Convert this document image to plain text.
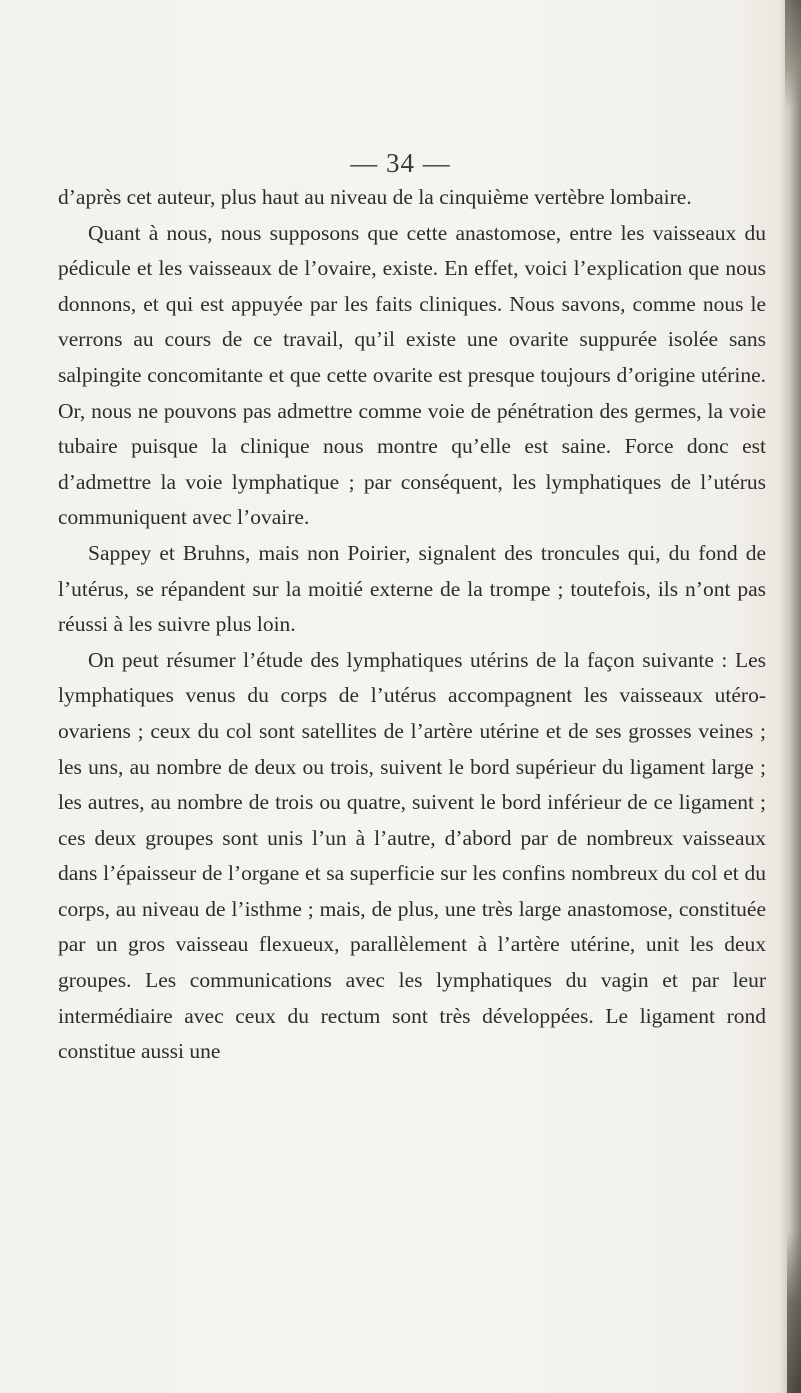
— 34 —

d’après cet auteur, plus haut au niveau de la cinquième vertèbre lombaire.

Quant à nous, nous supposons que cette anastomose, entre les vaisseaux du pédicule et les vaisseaux de l’ovaire, existe. En effet, voici l’explication que nous donnons, et qui est appuyée par les faits cliniques. Nous savons, comme nous le verrons au cours de ce travail, qu’il existe une ovarite suppurée isolée sans salpingite concomitante et que cette ovarite est presque toujours d’origine utérine. Or, nous ne pouvons pas admettre comme voie de pénétration des germes, la voie tubaire puisque la clinique nous montre qu’elle est saine. Force donc est d’admettre la voie lymphatique ; par conséquent, les lymphatiques de l’utérus communiquent avec l’ovaire.

Sappey et Bruhns, mais non Poirier, signalent des troncules qui, du fond de l’utérus, se répandent sur la moitié externe de la trompe ; toutefois, ils n’ont pas réussi à les suivre plus loin.

On peut résumer l’étude des lymphatiques utérins de la façon suivante : Les lymphatiques venus du corps de l’utérus accompagnent les vaisseaux utéro-ovariens ; ceux du col sont satellites de l’artère utérine et de ses grosses veines ; les uns, au nombre de deux ou trois, suivent le bord supérieur du ligament large ; les autres, au nombre de trois ou quatre, suivent le bord inférieur de ce ligament ; ces deux groupes sont unis l’un à l’autre, d’abord par de nombreux vaisseaux dans l’épaisseur de l’organe et sa superficie sur les confins nombreux du col et du corps, au niveau de l’isthme ; mais, de plus, une très large anastomose, constituée par un gros vaisseau flexueux, parallèlement à l’artère utérine, unit les deux groupes. Les communications avec les lymphatiques du vagin et par leur intermédiaire avec ceux du rectum sont très développées. Le ligament rond constitue aussi une
